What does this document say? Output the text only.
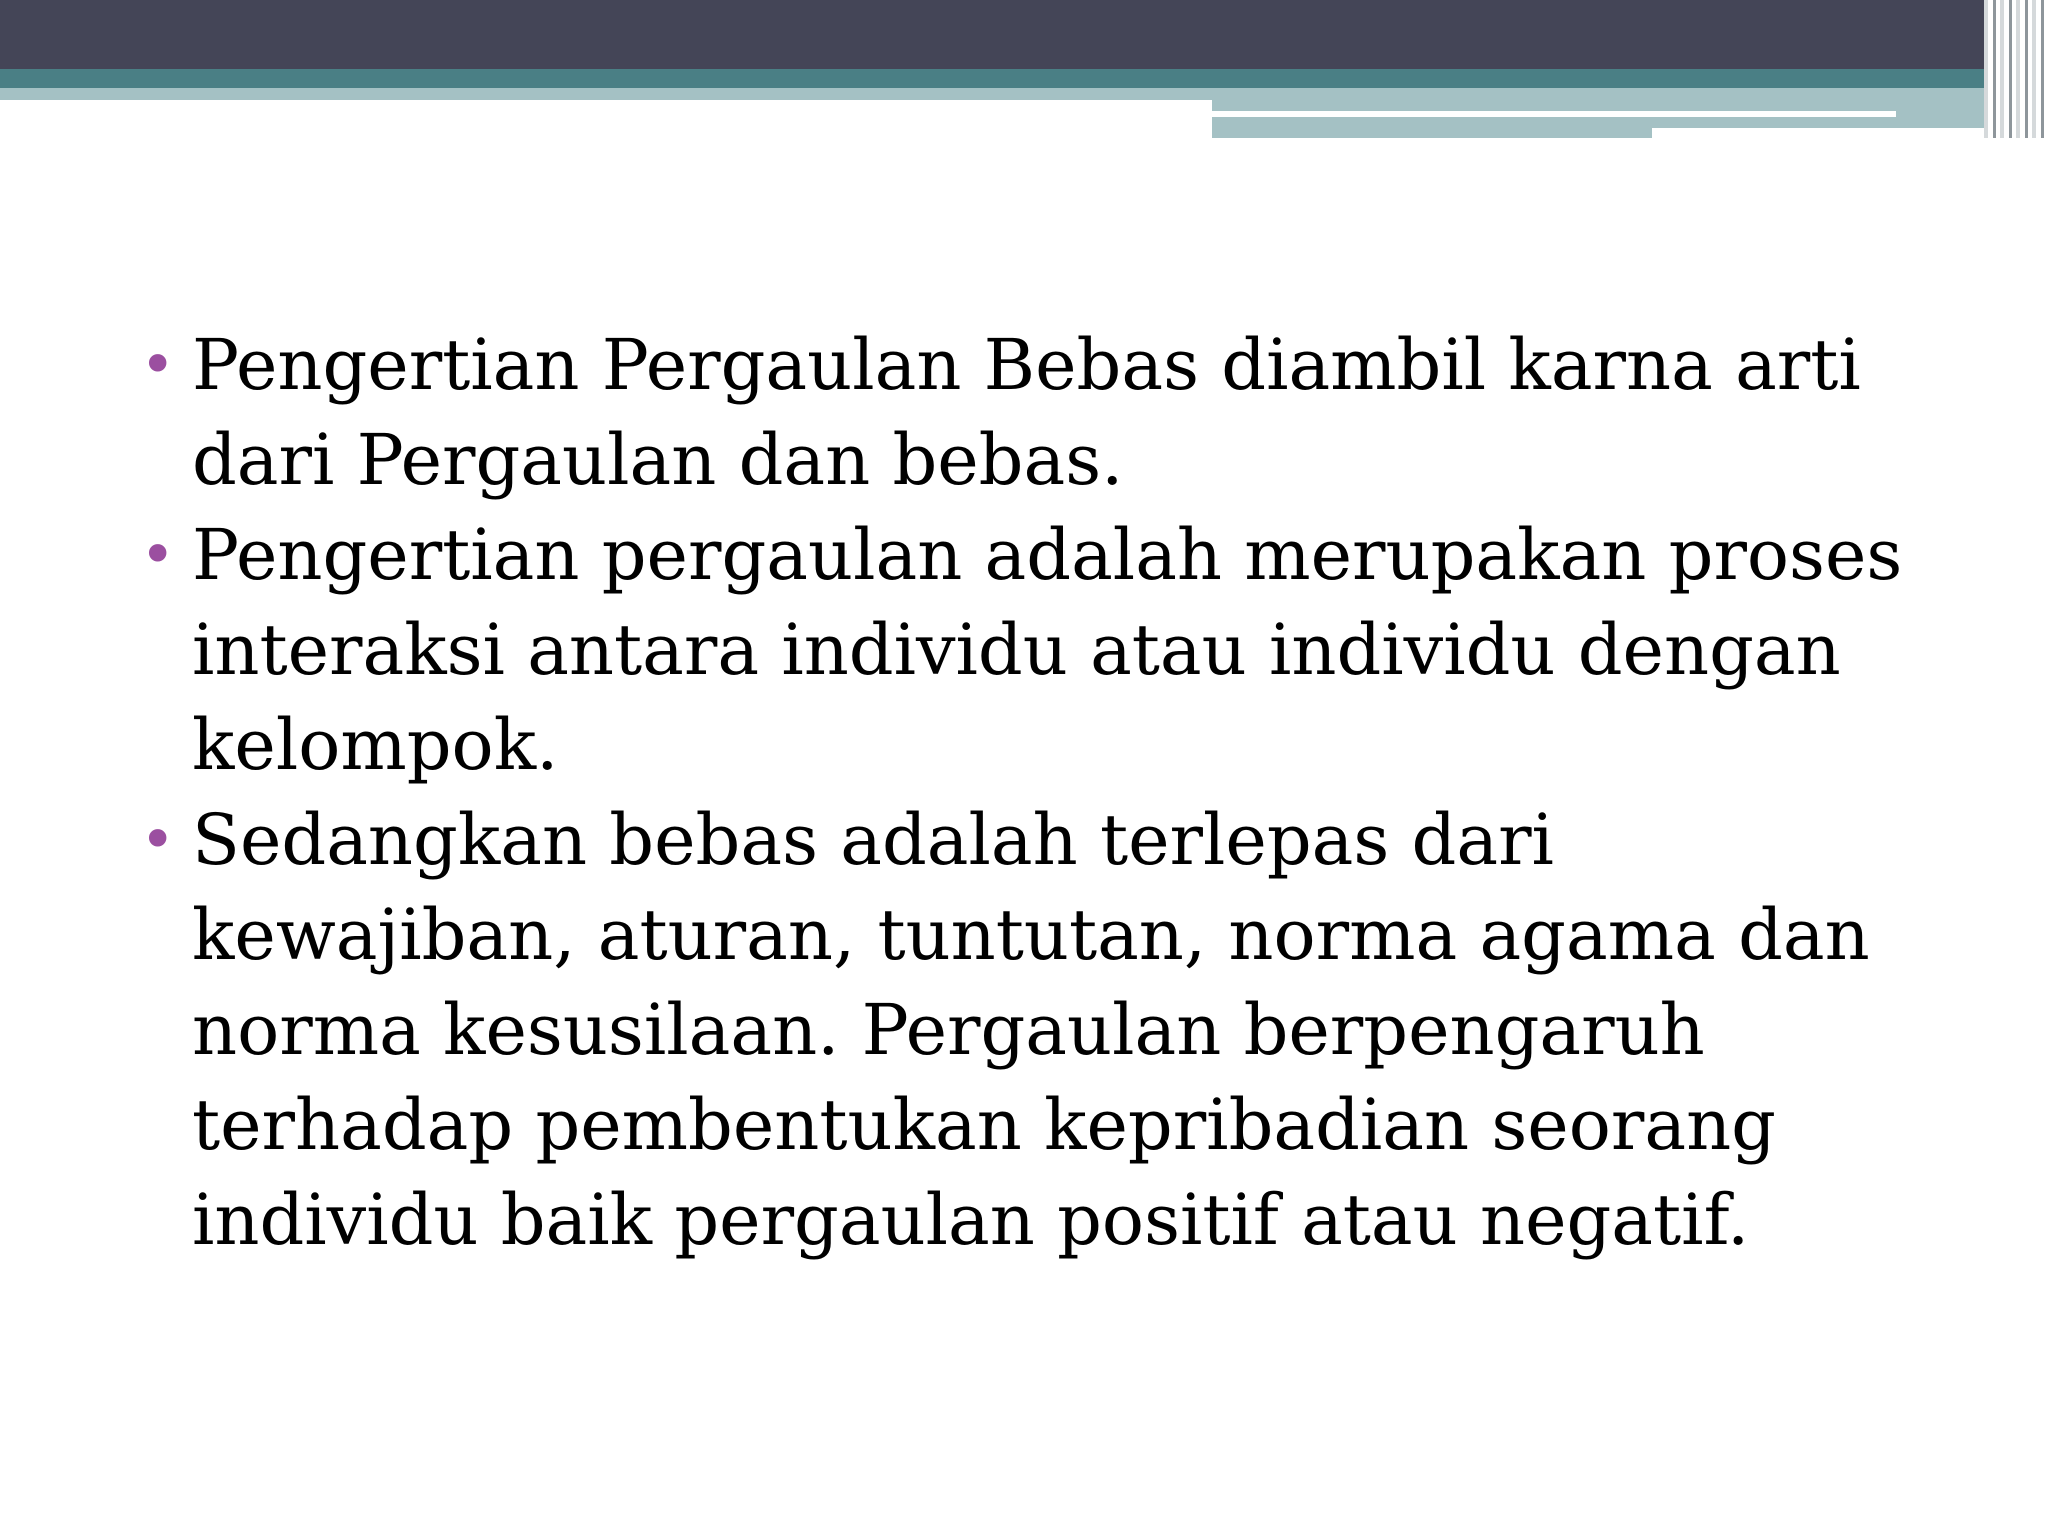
• Pengertian Pergaulan Bebas diambil karna arti dari Pergaulan dan bebas.
• Pengertian pergaulan adalah merupakan proses interaksi antara individu atau individu dengan kelompok.
• Sedangkan bebas adalah terlepas dari kewajiban, aturan, tuntutan, norma agama dan norma kesusilaan. Pergaulan berpengaruh terhadap pembentukan kepribadian seorang individu baik pergaulan positif atau negatif.
